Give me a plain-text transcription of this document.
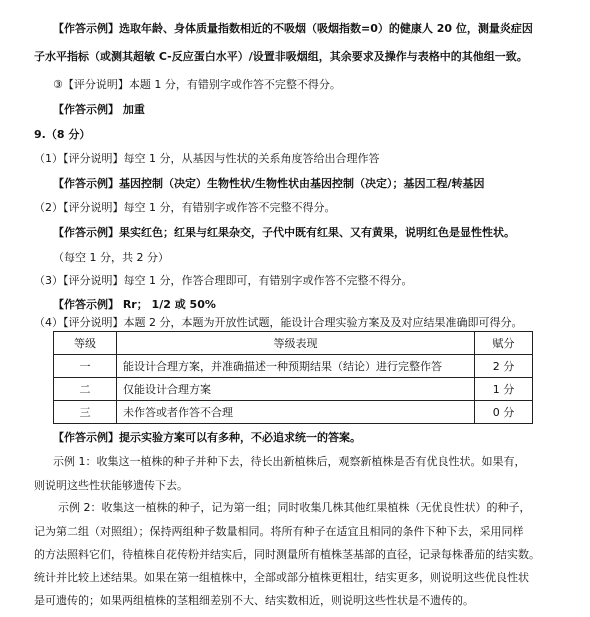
【作答示例】选取年龄、身体质量指数相近的不吸烟（吸烟指数=0）的健康人 20 位，测量炎症因
子水平指标（或测其超敏 C-反应蛋白水平）/设置非吸烟组，其余要求及操作与表格中的其他组一致。
③【评分说明】本题 1 分，有错别字或作答不完整不得分。
【作答示例】 加重
9.（8 分）
（1）【评分说明】每空 1 分，从基因与性状的关系角度答给出合理作答
【作答示例】基因控制（决定）生物性状/生物性状由基因控制（决定）；基因工程/转基因
（2）【评分说明】每空 1 分，有错别字或作答不完整不得分。
【作答示例】果实红色；红果与红果杂交，子代中既有红果、又有黄果，说明红色是显性性状。
（每空 1 分，共 2 分）
（3）【评分说明】每空 1 分，作答合理即可，有错别字或作答不完整不得分。
【作答示例】 Rr； 1/2 或 50%
（4）【评分说明】本题 2 分，本题为开放性试题，能设计合理实验方案及及对应结果准确即可得分。
等级	等级表现	赋分
一	能设计合理方案，并准确描述一种预期结果（结论）进行完整作答	2 分
二	仅能设计合理方案	1 分
三	未作答或者作答不合理	0 分
【作答示例】提示实验方案可以有多种，不必追求统一的答案。
示例 1：收集这一植株的种子并种下去，待长出新植株后，观察新植株是否有优良性状。如果有，
则说明这些性状能够遗传下去。
示例 2：收集这一植株的种子，记为第一组；同时收集几株其他红果植株（无优良性状）的种子，
记为第二组（对照组）；保持两组种子数量相同。将所有种子在适宜且相同的条件下种下去，采用同样
的方法照料它们，待植株自花传粉并结实后，同时测量所有植株茎基部的直径，记录每株番茄的结实数。
统计并比较上述结果。如果在第一组植株中，全部或部分植株更粗壮，结实更多，则说明这些优良性状
是可遗传的；如果两组植株的茎粗细差别不大、结实数相近，则说明这些性状是不遗传的。
